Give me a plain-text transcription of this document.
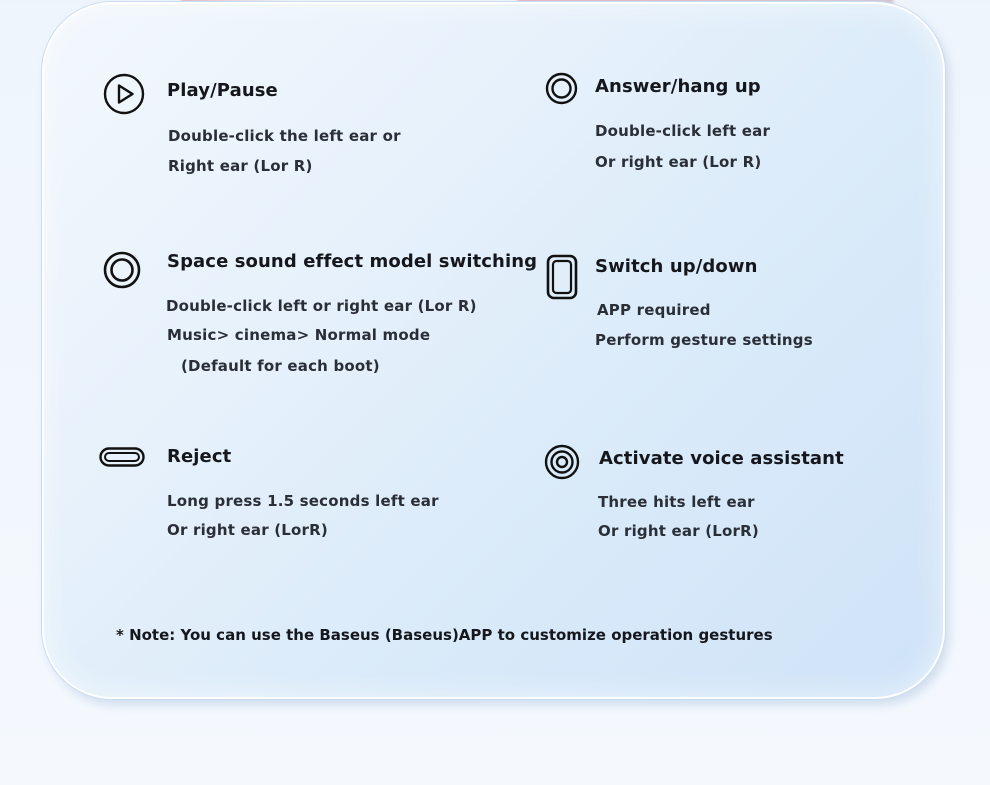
Play/Pause
Double-click the left ear or
Right ear (Lor R)
Answer/hang up
Double-click left ear
Or right ear (Lor R)
Space sound effect model switching
Double-click left or right ear (Lor R)
Music> cinema> Normal mode
(Default for each boot)
Switch up/down
APP required
Perform gesture settings
Reject
Long press 1.5 seconds left ear
Or right ear (LorR)
Activate voice assistant
Three hits left ear
Or right ear (LorR)
* Note: You can use the Baseus (Baseus)APP to customize operation gestures
